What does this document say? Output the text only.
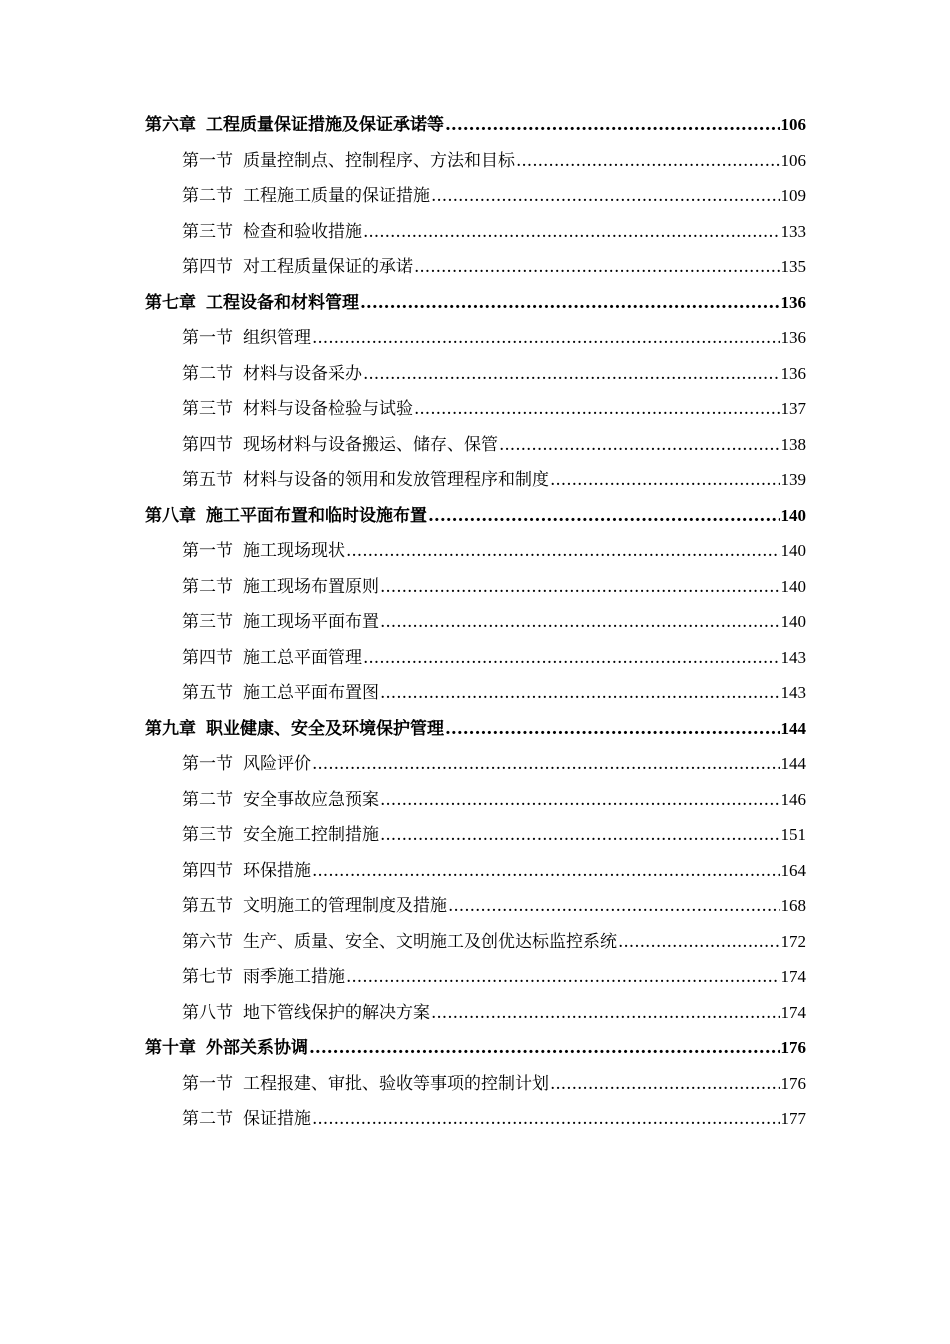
第六章 工程质量保证措施及保证承诺等 .....	106
第一节 质量控制点、控制程序、方法和目标 .....	106
第二节 工程施工质量的保证措施 .....	109
第三节 检查和验收措施 .....	133
第四节 对工程质量保证的承诺 .....	135
第七章 工程设备和材料管理 .....	136
第一节 组织管理 .....	136
第二节 材料与设备采办 .....	136
第三节 材料与设备检验与试验 .....	137
第四节 现场材料与设备搬运、储存、保管 .....	138
第五节 材料与设备的领用和发放管理程序和制度 .....	139
第八章 施工平面布置和临时设施布置 .....	140
第一节 施工现场现状 .....	140
第二节 施工现场布置原则 .....	140
第三节 施工现场平面布置 .....	140
第四节 施工总平面管理 .....	143
第五节 施工总平面布置图 .....	143
第九章 职业健康、安全及环境保护管理 .....	144
第一节 风险评价 .....	144
第二节 安全事故应急预案 .....	146
第三节 安全施工控制措施 .....	151
第四节 环保措施 .....	164
第五节 文明施工的管理制度及措施 .....	168
第六节 生产、质量、安全、文明施工及创优达标监控系统 .....	172
第七节 雨季施工措施 .....	174
第八节 地下管线保护的解决方案 .....	174
第十章 外部关系协调 .....	176
第一节 工程报建、审批、验收等事项的控制计划 .....	176
第二节 保证措施 .....	177
